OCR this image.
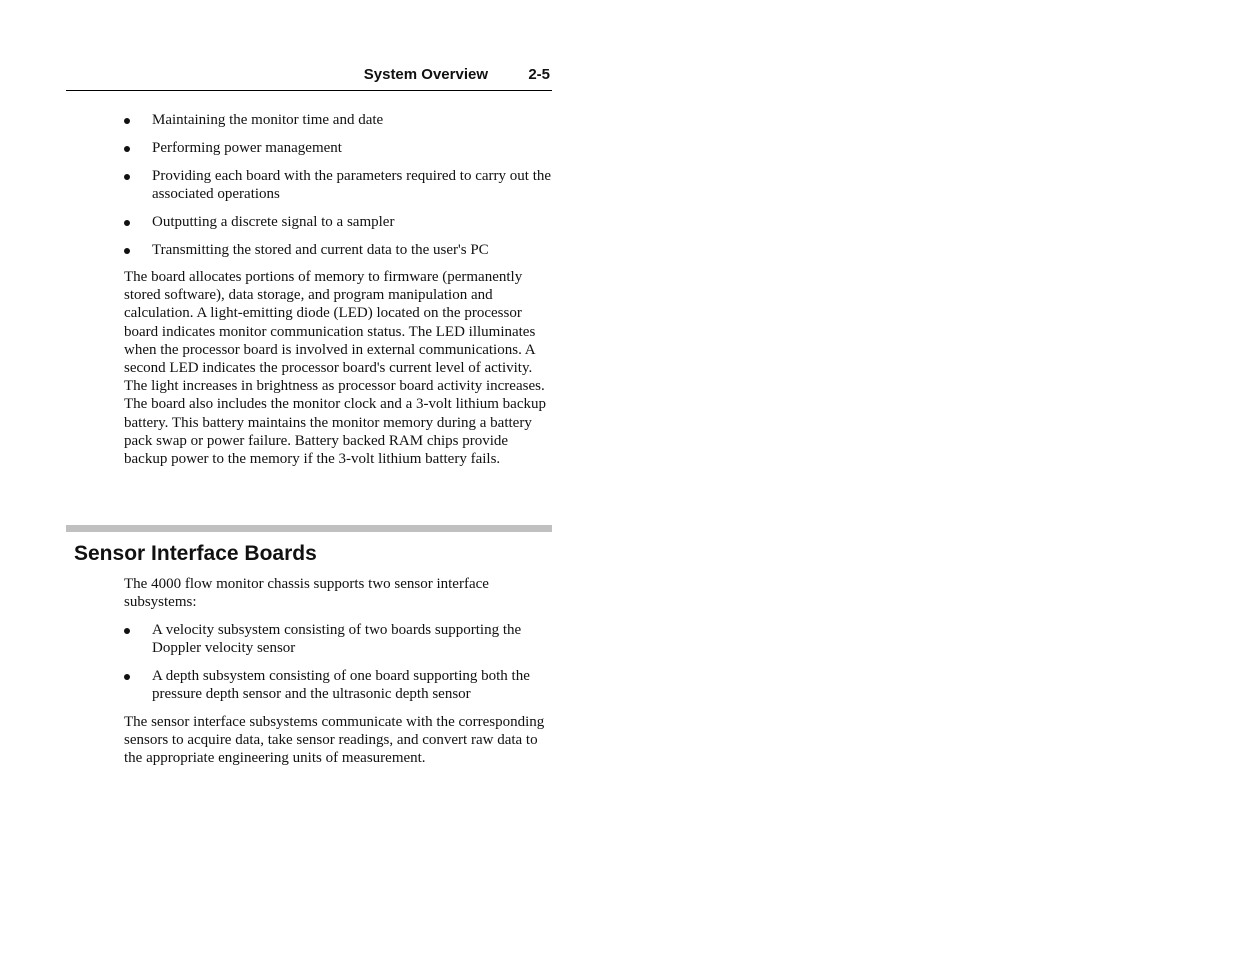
System Overview	2-5
Maintaining the monitor time and date
Performing power management
Providing each board with the parameters required to carry out the associated operations
Outputting a discrete signal to a sampler
Transmitting the stored and current data to the user's PC

The board allocates portions of memory to firmware (permanently stored software), data storage, and program manipulation and calculation. A light-emitting diode (LED) located on the processor board indicates monitor communication status. The LED illuminates when the processor board is involved in external communications. A second LED indicates the processor board's current level of activity. The light increases in brightness as processor board activity increases. The board also includes the monitor clock and a 3-volt lithium backup battery. This battery maintains the monitor memory during a battery pack swap or power failure. Battery backed RAM chips provide backup power to the memory if the 3-volt lithium battery fails.

Sensor Interface Boards

The 4000 flow monitor chassis supports two sensor interface subsystems:

A velocity subsystem consisting of two boards supporting the Doppler velocity sensor
A depth subsystem consisting of one board supporting both the pressure depth sensor and the ultrasonic depth sensor

The sensor interface subsystems communicate with the corresponding sensors to acquire data, take sensor readings, and convert raw data to the appropriate engineering units of measurement.
